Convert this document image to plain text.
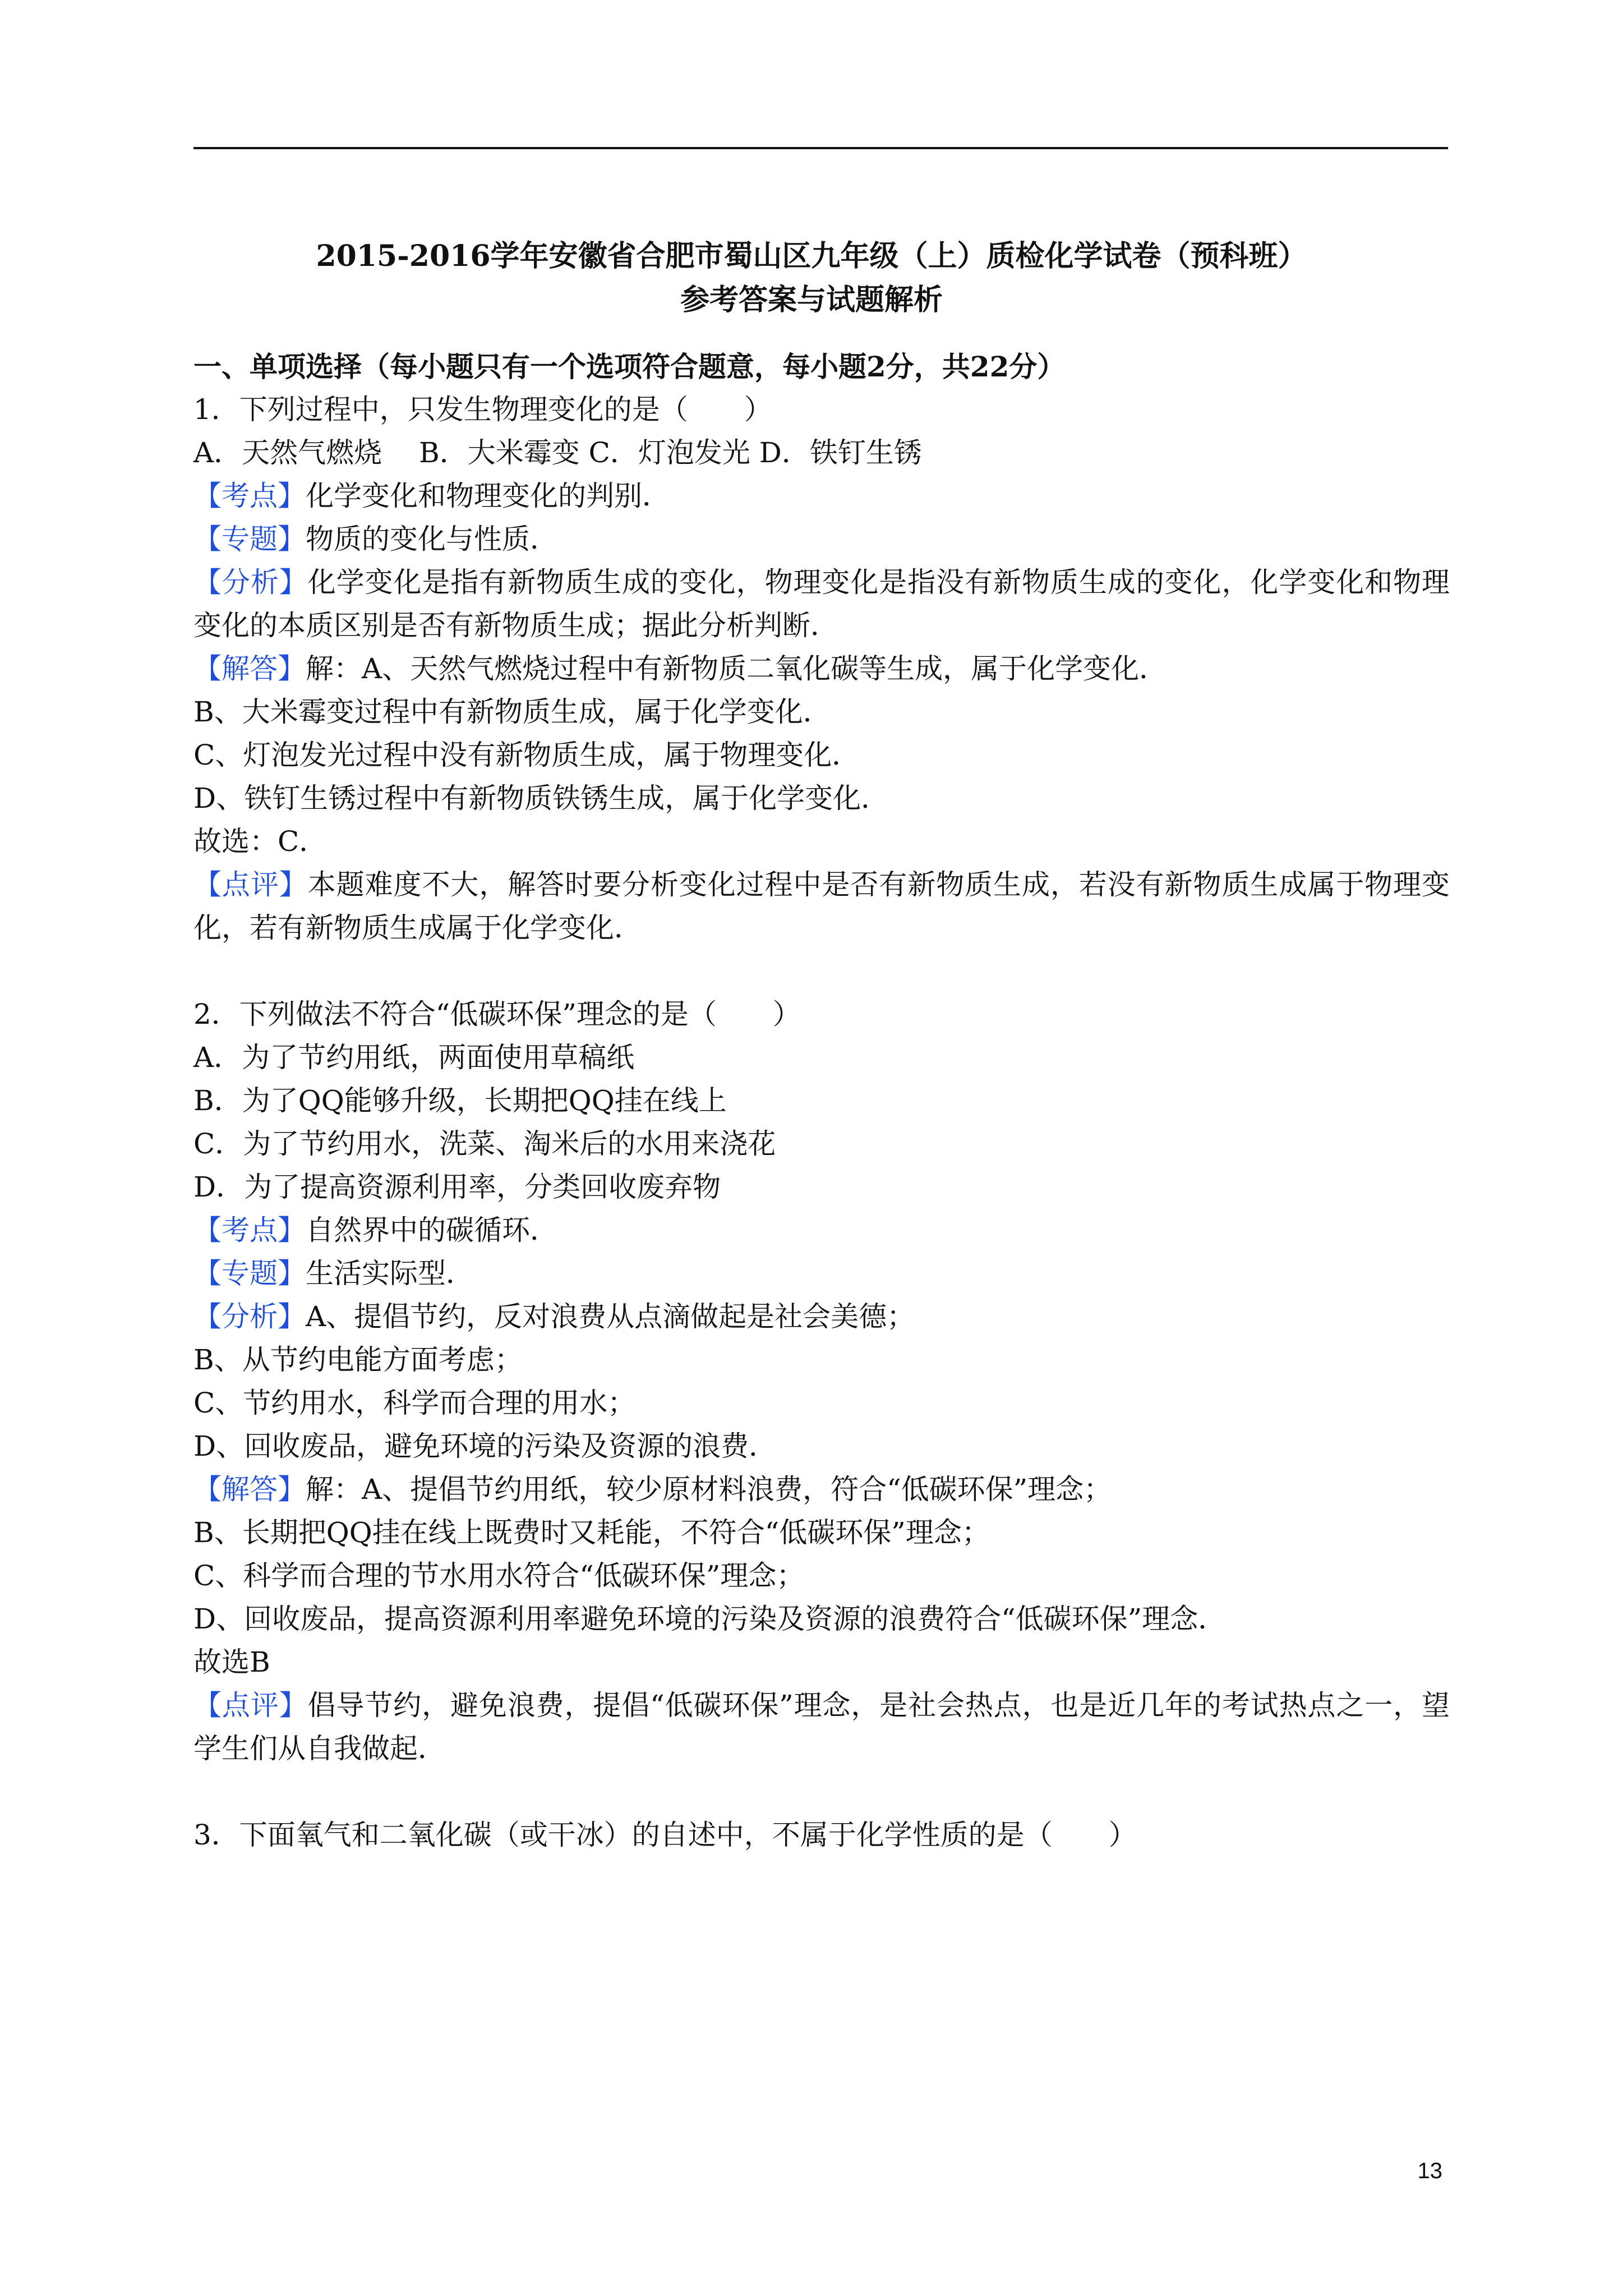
2015-2016学年安徽省合肥市蜀山区九年级（上）质检化学试卷（预科班）
参考答案与试题解析
一、单项选择（每小题只有一个选项符合题意，每小题2分，共22分）
1．下列过程中，只发生物理变化的是（　　）
A．天然气燃烧　 B．大米霉变 C．灯泡发光 D．铁钉生锈
【考点】化学变化和物理变化的判别．
【专题】物质的变化与性质．
【分析】化学变化是指有新物质生成的变化，物理变化是指没有新物质生成的变化，化学变化和物理变化的本质区别是否有新物质生成；据此分析判断．
【解答】解：A、天然气燃烧过程中有新物质二氧化碳等生成，属于化学变化．
B、大米霉变过程中有新物质生成，属于化学变化．
C、灯泡发光过程中没有新物质生成，属于物理变化．
D、铁钉生锈过程中有新物质铁锈生成，属于化学变化．
故选：C．
【点评】本题难度不大，解答时要分析变化过程中是否有新物质生成，若没有新物质生成属于物理变化，若有新物质生成属于化学变化．
2．下列做法不符合“低碳环保”理念的是（　　）
A．为了节约用纸，两面使用草稿纸
B．为了QQ能够升级，长期把QQ挂在线上
C．为了节约用水，洗菜、淘米后的水用来浇花
D．为了提高资源利用率，分类回收废弃物
【考点】自然界中的碳循环．
【专题】生活实际型．
【分析】A、提倡节约，反对浪费从点滴做起是社会美德；
B、从节约电能方面考虑；
C、节约用水，科学而合理的用水；
D、回收废品，避免环境的污染及资源的浪费．
【解答】解：A、提倡节约用纸，较少原材料浪费，符合“低碳环保”理念；
B、长期把QQ挂在线上既费时又耗能，不符合“低碳环保”理念；
C、科学而合理的节水用水符合“低碳环保”理念；
D、回收废品，提高资源利用率避免环境的污染及资源的浪费符合“低碳环保”理念．
故选B
【点评】倡导节约，避免浪费，提倡“低碳环保”理念，是社会热点，也是近几年的考试热点之一，望学生们从自我做起．
3．下面氧气和二氧化碳（或干冰）的自述中，不属于化学性质的是（　　）
13
